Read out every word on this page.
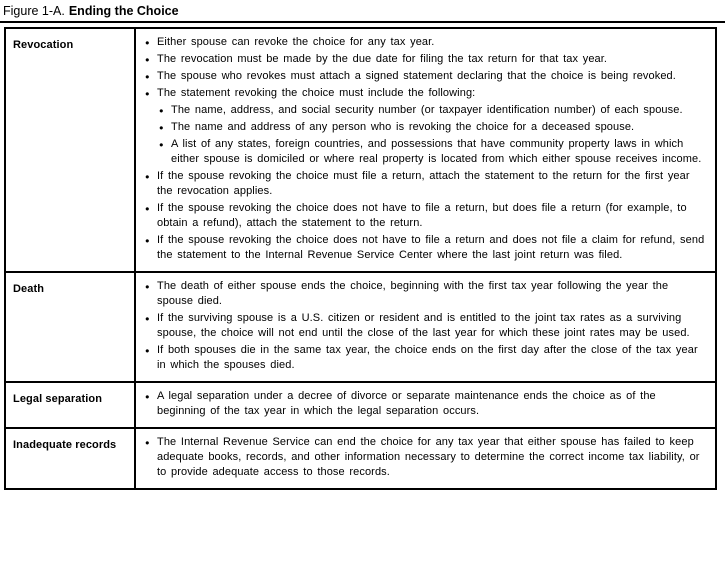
Figure 1-A. Ending the Choice
Revocation	● Either spouse can revoke the choice for any tax year.
● The revocation must be made by the due date for filing the tax return for that tax year.
● The spouse who revokes must attach a signed statement declaring that the choice is being revoked.
● The statement revoking the choice must include the following:
● The name, address, and social security number (or taxpayer identification number) of each spouse.
● The name and address of any person who is revoking the choice for a deceased spouse.
● A list of any states, foreign countries, and possessions that have community property laws in which either spouse is domiciled or where real property is located from which either spouse receives income.
● If the spouse revoking the choice must file a return, attach the statement to the return for the first year the revocation applies.
● If the spouse revoking the choice does not have to file a return, but does file a return (for example, to obtain a refund), attach the statement to the return.
● If the spouse revoking the choice does not have to file a return and does not file a claim for refund, send the statement to the Internal Revenue Service Center where the last joint return was filed.
Death	● The death of either spouse ends the choice, beginning with the first tax year following the year the spouse died.
● If the surviving spouse is a U.S. citizen or resident and is entitled to the joint tax rates as a surviving spouse, the choice will not end until the close of the last year for which these joint rates may be used.
● If both spouses die in the same tax year, the choice ends on the first day after the close of the tax year in which the spouses died.
Legal separation	● A legal separation under a decree of divorce or separate maintenance ends the choice as of the beginning of the tax year in which the legal separation occurs.
Inadequate records	● The Internal Revenue Service can end the choice for any tax year that either spouse has failed to keep adequate books, records, and other information necessary to determine the correct income tax liability, or to provide adequate access to those records.
